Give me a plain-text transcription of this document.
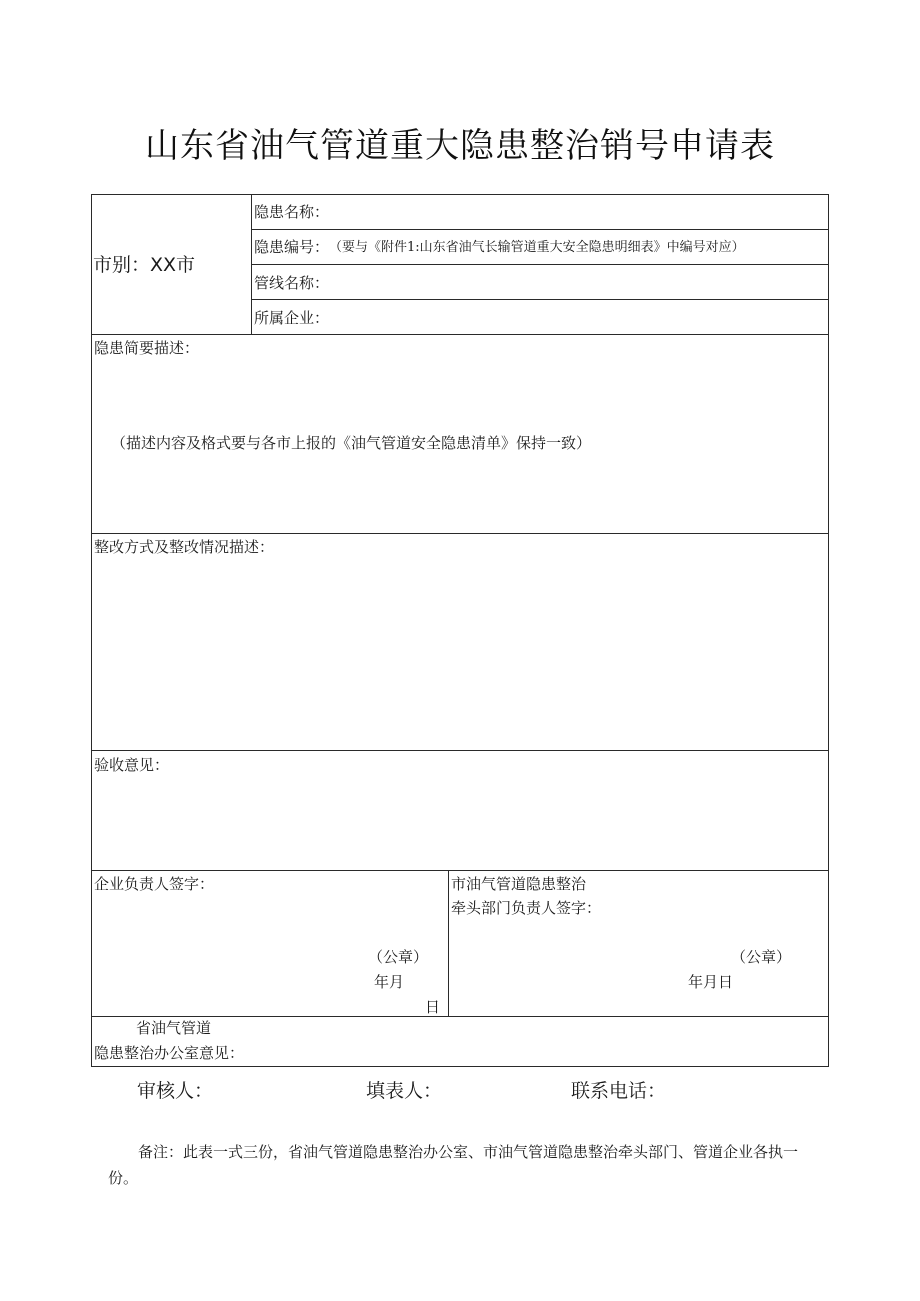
山东省油气管道重大隐患整治销号申请表
市别：XX市
隐患名称：
隐患编号： （要与《附件1:山东省油气长输管道重大安全隐患明细表》中编号对应）
管线名称：
所属企业：
隐患简要描述：
（描述内容及格式要与各市上报的《油气管道安全隐患清单》保持一致）
整改方式及整改情况描述：
验收意见：
企业负责人签字：
（公章）
年月
日
市油气管道隐患整治
牵头部门负责人签字：
（公章）
年月日
省油气管道
隐患整治办公室意见：
审核人：	填表人：	联系电话：
备注：此表一式三份，省油气管道隐患整治办公室、市油气管道隐患整治牵头部门、管道企业各执一份。
